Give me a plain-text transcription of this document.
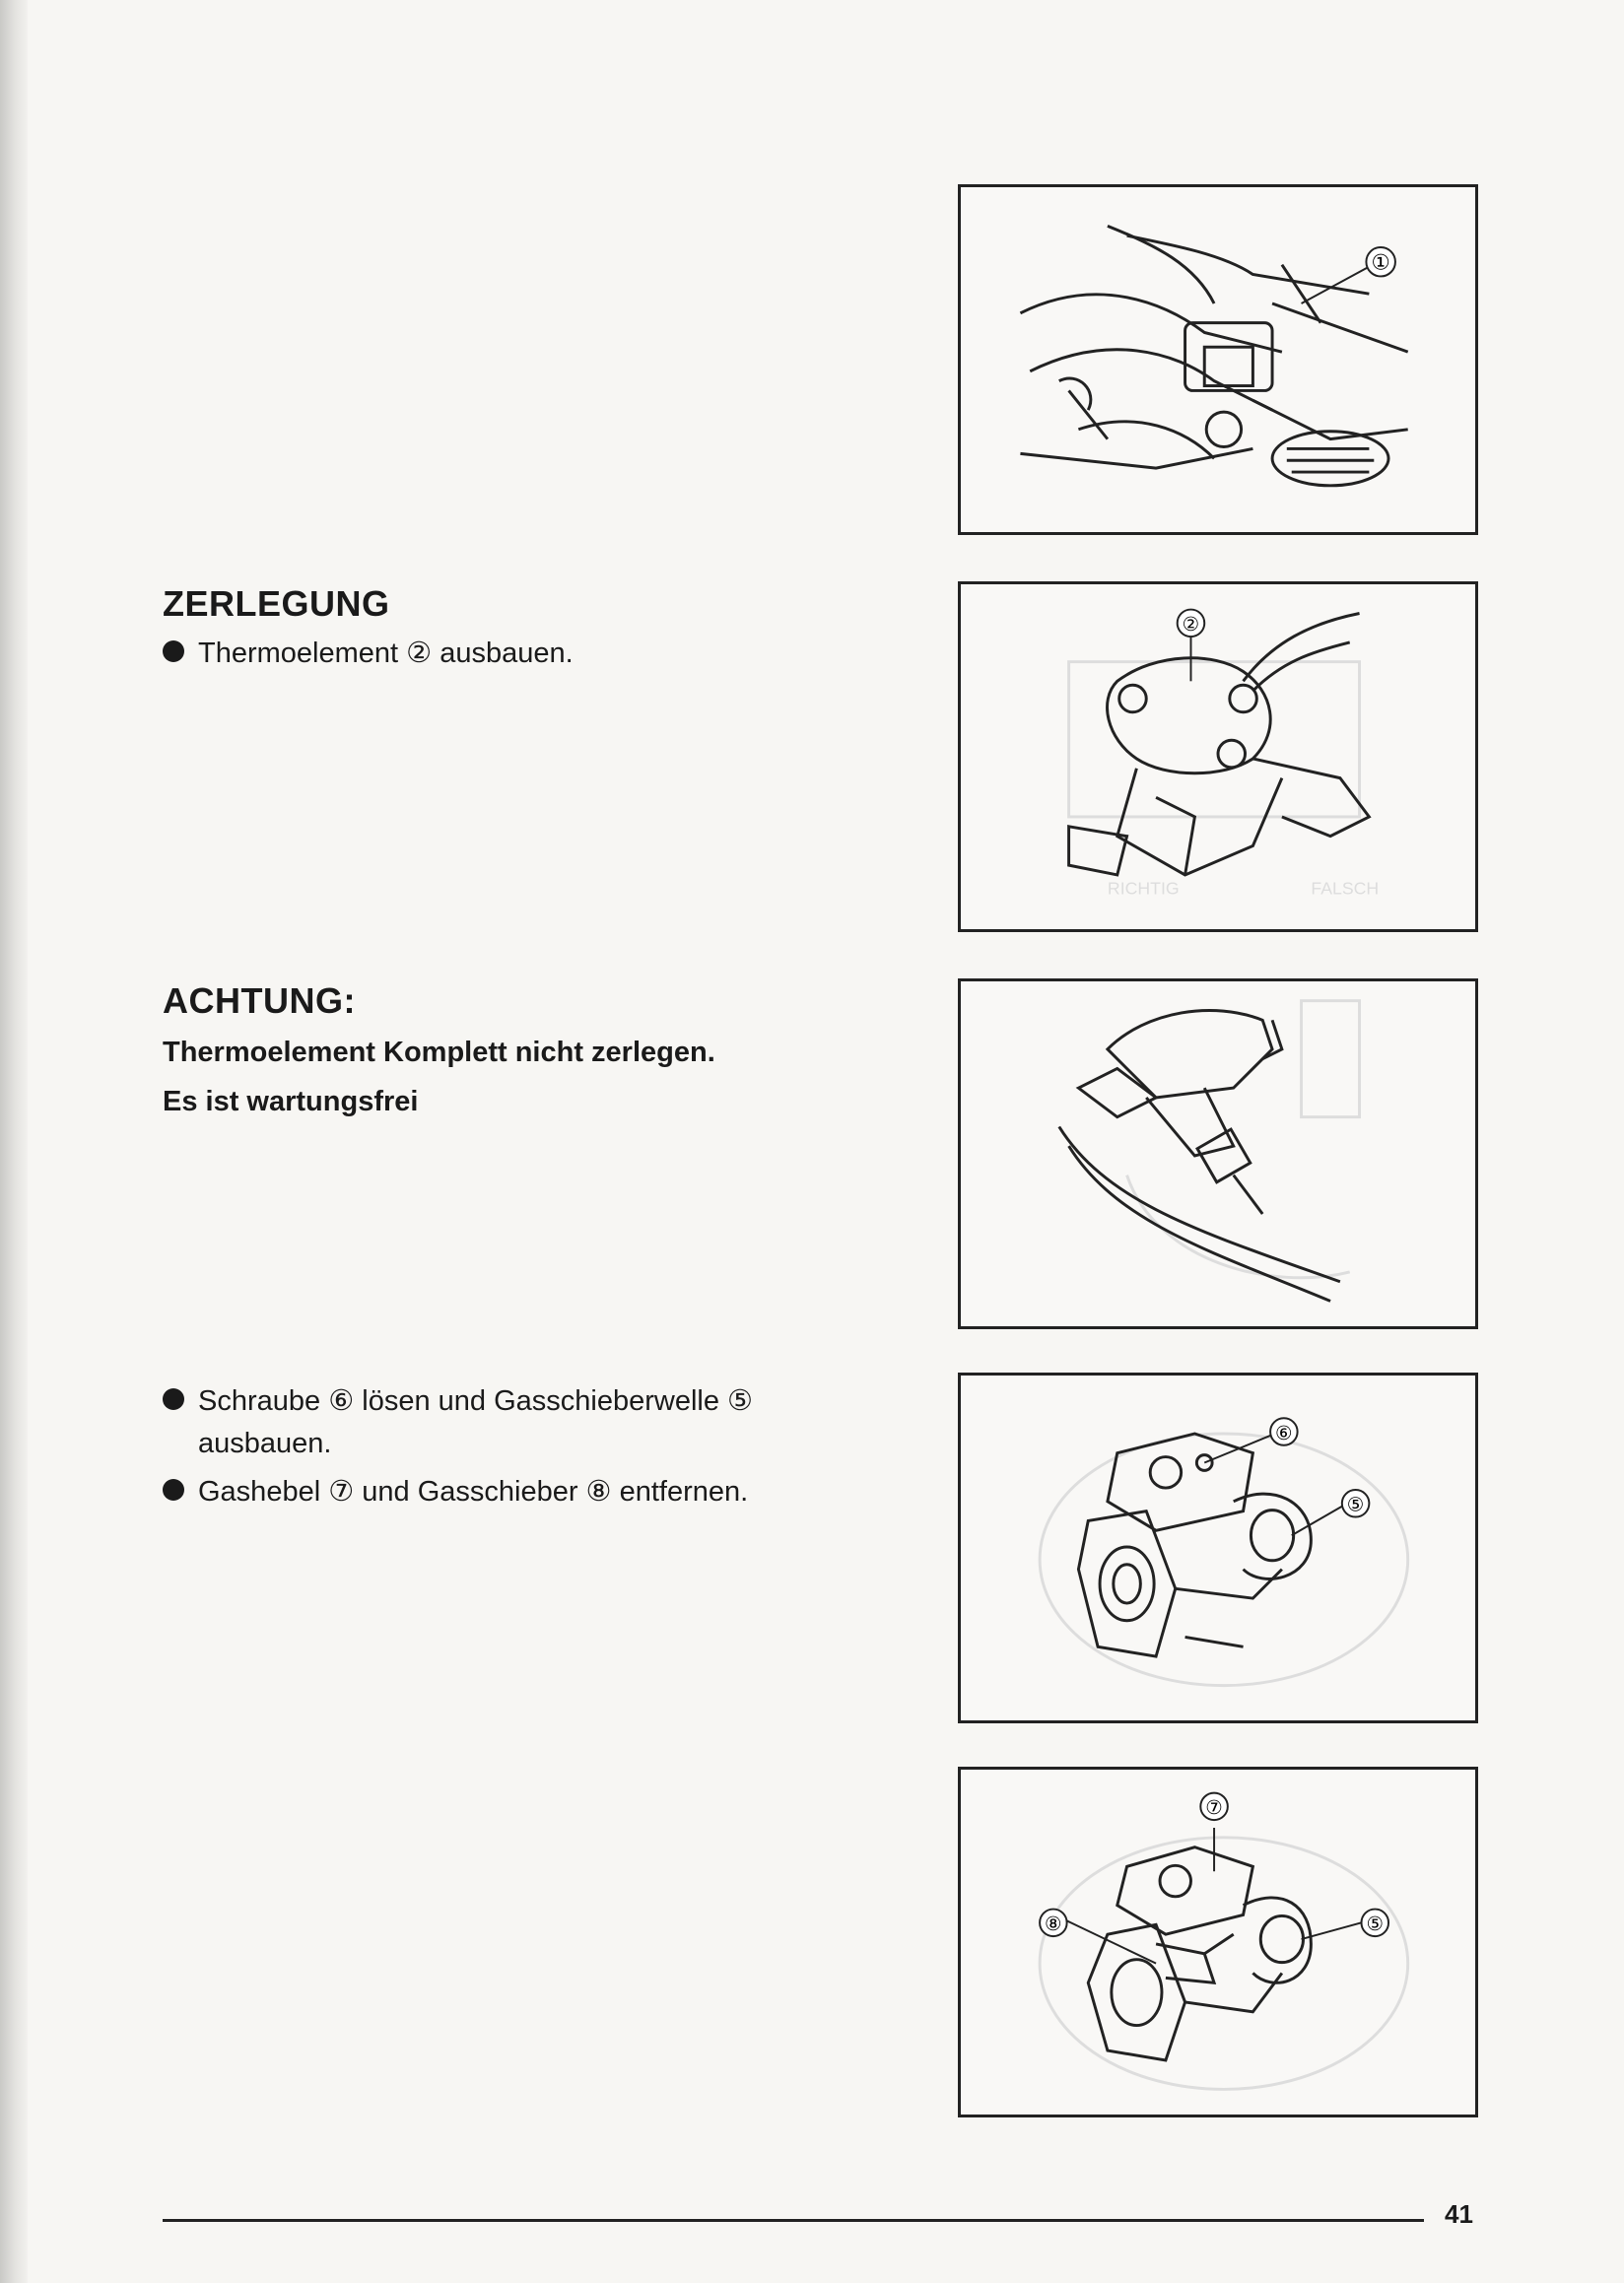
ZERLEGUNG
Thermoelement ② ausbauen.
ACHTUNG:

Thermoelement Komplett nicht zerlegen.

Es ist wartungsfrei

Schraube ⑥ lösen und Gasschieberwelle ⑤ ausbauen.
Gashebel ⑦ und Gasschieber ⑧ entfernen.
①
RICHTIG	FALSCH
②
⑥
⑤
⑦
⑧	⑤
41
